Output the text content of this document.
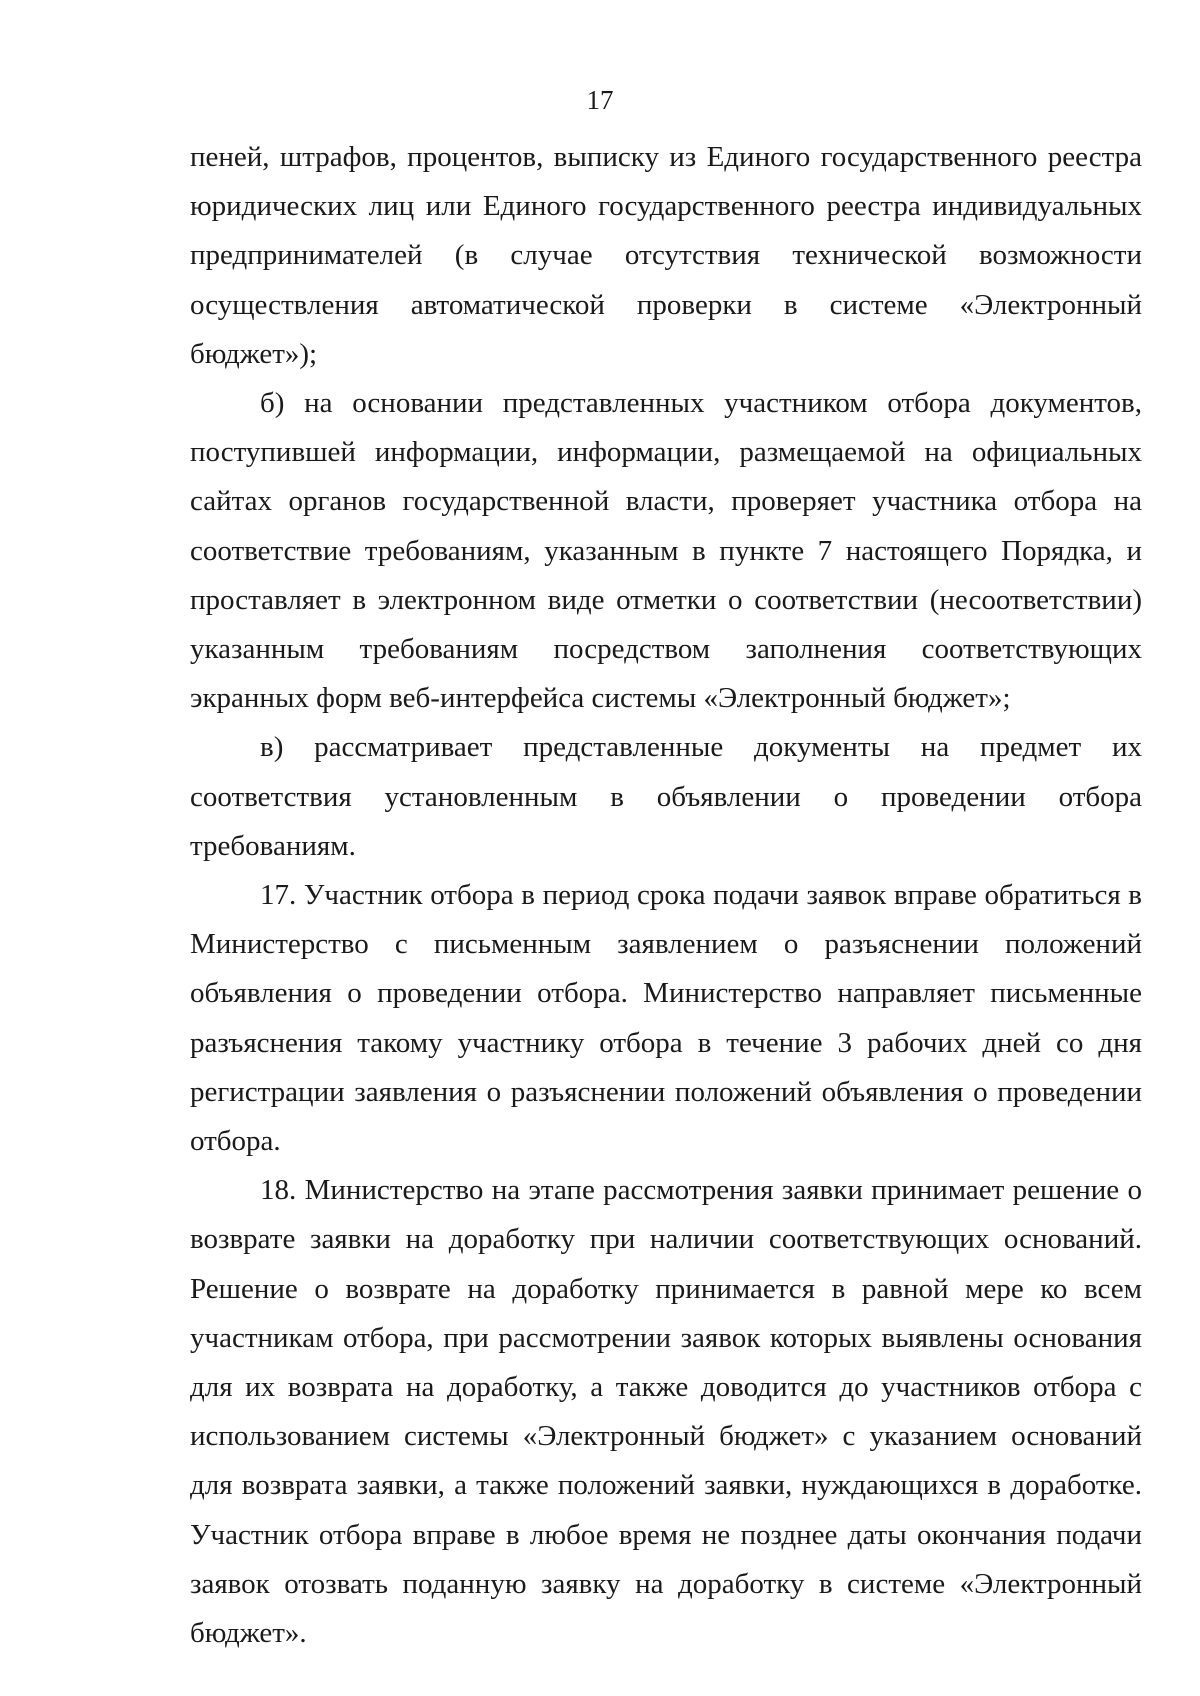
17

пеней, штрафов, процентов, выписку из Единого государственного реестра юридических лиц или Единого государственного реестра индивидуальных предпринимателей (в случае отсутствия технической возможности осуществления автоматической проверки в системе «Электронный бюджет»);

б) на основании представленных участником отбора документов, поступившей информации, информации, размещаемой на официальных сайтах органов государственной власти, проверяет участника отбора на соответствие требованиям, указанным в пункте 7 настоящего Порядка, и проставляет в электронном виде отметки о соответствии (несоответствии) указанным требованиям посредством заполнения соответствующих экранных форм веб-интерфейса системы «Электронный бюджет»;

в) рассматривает представленные документы на предмет их соответствия установленным в объявлении о проведении отбора требованиям.

17. Участник отбора в период срока подачи заявок вправе обратиться в Министерство с письменным заявлением о разъяснении положений объявления о проведении отбора. Министерство направляет письменные разъяснения такому участнику отбора в течение 3 рабочих дней со дня регистрации заявления о разъяснении положений объявления о проведении отбора.

18. Министерство на этапе рассмотрения заявки принимает решение о возврате заявки на доработку при наличии соответствующих оснований. Решение о возврате на доработку принимается в равной мере ко всем участникам отбора, при рассмотрении заявок которых выявлены основания для их возврата на доработку, а также доводится до участников отбора с использованием системы «Электронный бюджет» с указанием оснований для возврата заявки, а также положений заявки, нуждающихся в доработке. Участник отбора вправе в любое время не позднее даты окончания подачи заявок отозвать поданную заявку на доработку в системе «Электронный бюджет».
